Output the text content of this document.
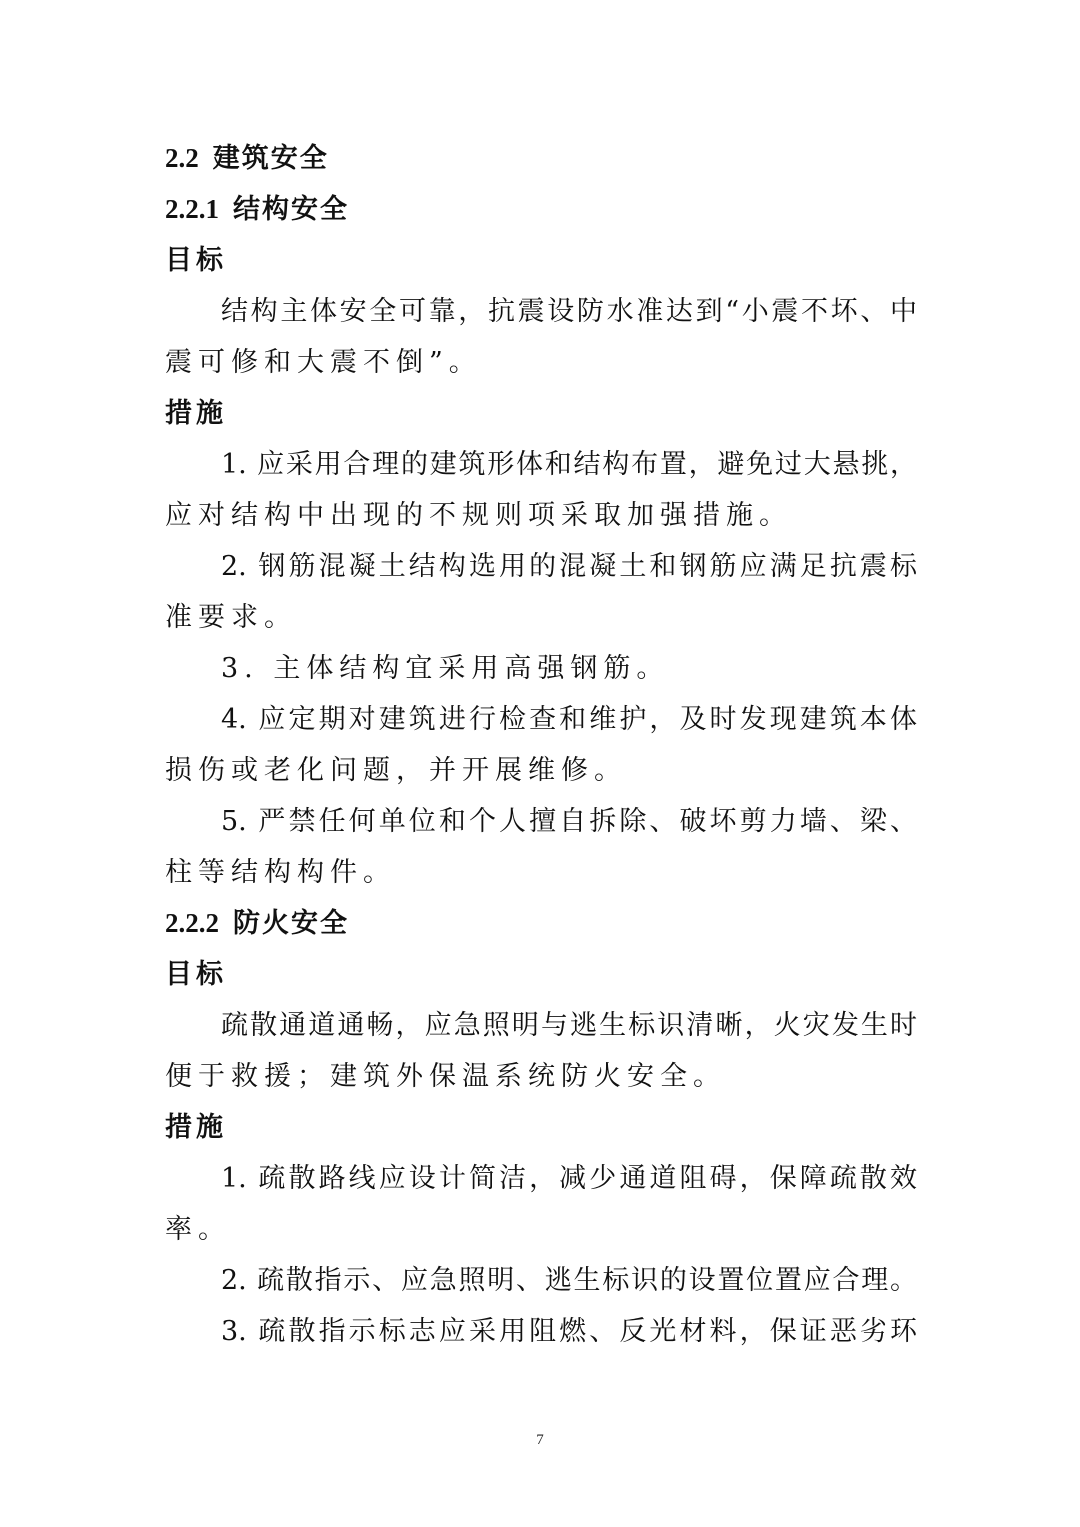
2.2 建筑安全
2.2.1 结构安全
目标
结构主体安全可靠，抗震设防水准达到“小震不坏、中
震可修和大震不倒”。
措施
1. 应采用合理的建筑形体和结构布置，避免过大悬挑，
应对结构中出现的不规则项采取加强措施。
2. 钢筋混凝土结构选用的混凝土和钢筋应满足抗震标
准要求。
3. 主体结构宜采用高强钢筋。
4. 应定期对建筑进行检查和维护，及时发现建筑本体
损伤或老化问题，并开展维修。
5. 严禁任何单位和个人擅自拆除、破坏剪力墙、梁、
柱等结构构件。
2.2.2 防火安全
目标
疏散通道通畅，应急照明与逃生标识清晰，火灾发生时
便于救援；建筑外保温系统防火安全。
措施
1. 疏散路线应设计简洁，减少通道阻碍，保障疏散效
率。
2. 疏散指示、应急照明、逃生标识的设置位置应合理。
3. 疏散指示标志应采用阻燃、反光材料，保证恶劣环
7
